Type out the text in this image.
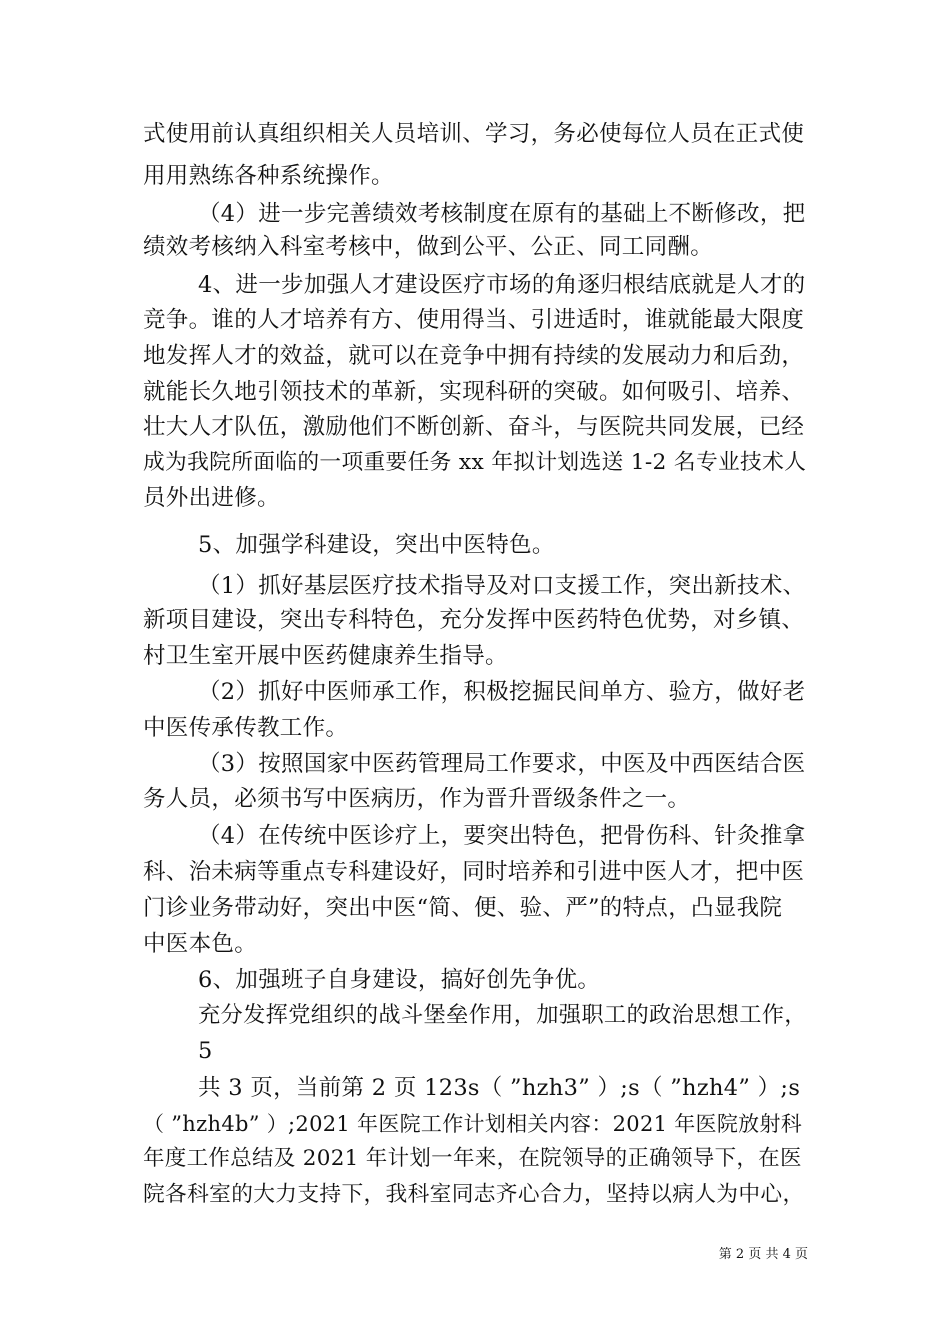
式使用前认真组织相关人员培训、学习，务必使每位人员在正式使
用用熟练各种系统操作。
（4）进一步完善绩效考核制度在原有的基础上不断修改，把
绩效考核纳入科室考核中，做到公平、公正、同工同酬。
4、进一步加强人才建设医疗市场的角逐归根结底就是人才的
竞争。谁的人才培养有方、使用得当、引进适时，谁就能最大限度
地发挥人才的效益，就可以在竞争中拥有持续的发展动力和后劲，
就能长久地引领技术的革新，实现科研的突破。如何吸引、培养、
壮大人才队伍，激励他们不断创新、奋斗，与医院共同发展，已经
成为我院所面临的一项重要任务 xx 年拟计划选送 1-2 名专业技术人
员外出进修。
5、加强学科建设，突出中医特色。
（1）抓好基层医疗技术指导及对口支援工作，突出新技术、
新项目建设，突出专科特色，充分发挥中医药特色优势，对乡镇、
村卫生室开展中医药健康养生指导。
（2）抓好中医师承工作，积极挖掘民间单方、验方，做好老
中医传承传教工作。
（3）按照国家中医药管理局工作要求，中医及中西医结合医
务人员，必须书写中医病历，作为晋升晋级条件之一。
（4）在传统中医诊疗上，要突出特色，把骨伤科、针灸推拿
科、治未病等重点专科建设好，同时培养和引进中医人才，把中医
门诊业务带动好，突出中医“简、便、验、严”的特点，凸显我院
中医本色。
6、加强班子自身建设，搞好创先争优。
充分发挥党组织的战斗堡垒作用，加强职工的政治思想工作，
5
共 3 页，当前第 2 页 123s（ ”hzh3” ）;s（ ”hzh4” ）;s
（ ”hzh4b” ）;2021 年医院工作计划相关内容：2021 年医院放射科
年度工作总结及 2021 年计划一年来，在院领导的正确领导下，在医
院各科室的大力支持下，我科室同志齐心合力，坚持以病人为中心，
第 2 页 共 4 页
